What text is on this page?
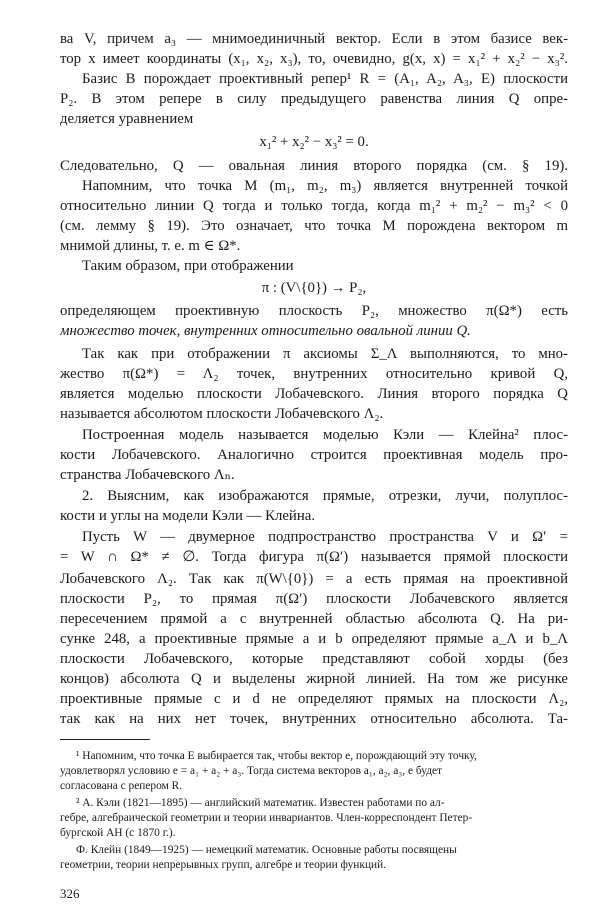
ва V, причем a₃ — мнимоединичный вектор. Если в этом базисе век-
тор x имеет координаты (x₁, x₂, x₃), то, очевидно, g(x, x) = x₁² + x₂² − x₃².
Базис B порождает проективный репер¹ R = (A₁, A₂, A₃, E) плоскости
P₂. В этом репере в силу предыдущего равенства линия Q опре-
деляется уравнением
x₁² + x₂² − x₃² = 0.
Следовательно, Q — овальная линия второго порядка (см. § 19).
Напомним, что точка M (m₁, m₂, m₃) является внутренней точкой
относительно линии Q тогда и только тогда, когда m₁² + m₂² − m₃² < 0
(см. лемму § 19). Это означает, что точка M порождена вектором m
мнимой длины, т. е. m ∈ Ω*.
Таким образом, при отображении
π : (V\{0}) → P₂,
определяющем проективную плоскость P₂, множество π(Ω*) есть
множество точек, внутренних относительно овальной линии Q.
Так как при отображении π аксиомы Σ_Λ выполняются, то мно-
жество π(Ω*) = Λ₂ точек, внутренних относительно кривой Q,
является моделью плоскости Лобачевского. Линия второго порядка Q
называется абсолютом плоскости Лобачевского Λ₂.
Построенная модель называется моделью Кэли — Клейна² плос-
кости Лобачевского. Аналогично строится проективная модель про-
странства Лобачевского Λₙ.
2. Выясним, как изображаются прямые, отрезки, лучи, полуплос-
кости и углы на модели Кэли — Клейна.
Пусть W — двумерное подпространство пространства V и Ω′ =
= W ∩ Ω* ≠ ∅. Тогда фигура π(Ω′) называется прямой плоскости
Лобачевского Λ₂. Так как π(W\{0}) = a есть прямая на проективной
плоскости P₂, то прямая π(Ω′) плоскости Лобачевского является
пересечением прямой a с внутренней областью абсолюта Q. На ри-
сунке 248, a проективные прямые a и b определяют прямые a_Λ и b_Λ
плоскости Лобачевского, которые представляют собой хорды (без
концов) абсолюта Q и выделены жирной линией. На том же рисунке
проективные прямые c и d не определяют прямых на плоскости Λ₂,
так как на них нет точек, внутренних относительно абсолюта. Та-
¹ Напомним, что точка E выбирается так, чтобы вектор e, порождающий эту точку,
удовлетворял условию e = a₁ + a₂ + a₃. Тогда система векторов a₁, a₂, a₃, e будет
согласована с репером R.
² А. Кэли (1821—1895) — английский математик. Известен работами по ал-
гебре, алгебраической геометрии и теории инвариантов. Член-корреспондент Петер-
бургской АН (с 1870 г.).
Ф. Клейн (1849—1925) — немецкий математик. Основные работы посвящены
геометрии, теории непрерывных групп, алгебре и теории функций.
326
